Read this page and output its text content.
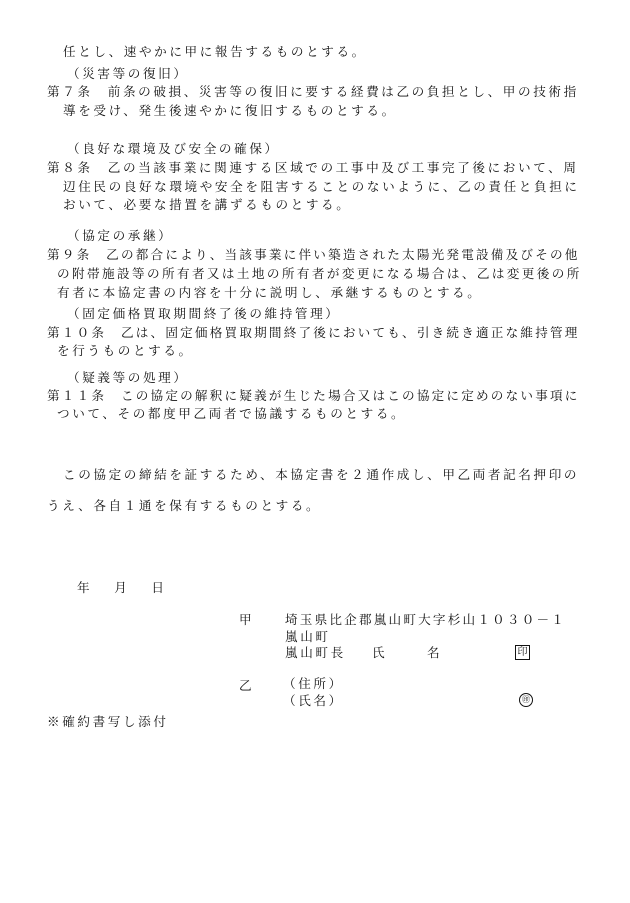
任とし、速やかに甲に報告するものとする。
（災害等の復旧）
第７条　前条の破損、災害等の復旧に要する経費は乙の負担とし、甲の技術指
導を受け、発生後速やかに復旧するものとする。
（良好な環境及び安全の確保）
第８条　乙の当該事業に関連する区域での工事中及び工事完了後において、周
辺住民の良好な環境や安全を阻害することのないように、乙の責任と負担に
おいて、必要な措置を講ずるものとする。
（協定の承継）
第９条　乙の都合により、当該事業に伴い築造された太陽光発電設備及びその他
の附帯施設等の所有者又は土地の所有者が変更になる場合は、乙は変更後の所
有者に本協定書の内容を十分に説明し、承継するものとする。
（固定価格買取期間終了後の維持管理）
第１０条　乙は、固定価格買取期間終了後においても、引き続き適正な維持管理
を行うものとする。
（疑義等の処理）
第１１条　この協定の解釈に疑義が生じた場合又はこの協定に定めのない事項に
ついて、その都度甲乙両者で協議するものとする。
この協定の締結を証するため、本協定書を２通作成し、甲乙両者記名押印の
うえ、各自１通を保有するものとする。
年　月　日
甲 埼玉県比企郡嵐山町大字杉山１０３０－１
嵐山町
嵐山町長 氏	名	印
乙 （住所）
（氏名）	㊞
※確約書写し添付
